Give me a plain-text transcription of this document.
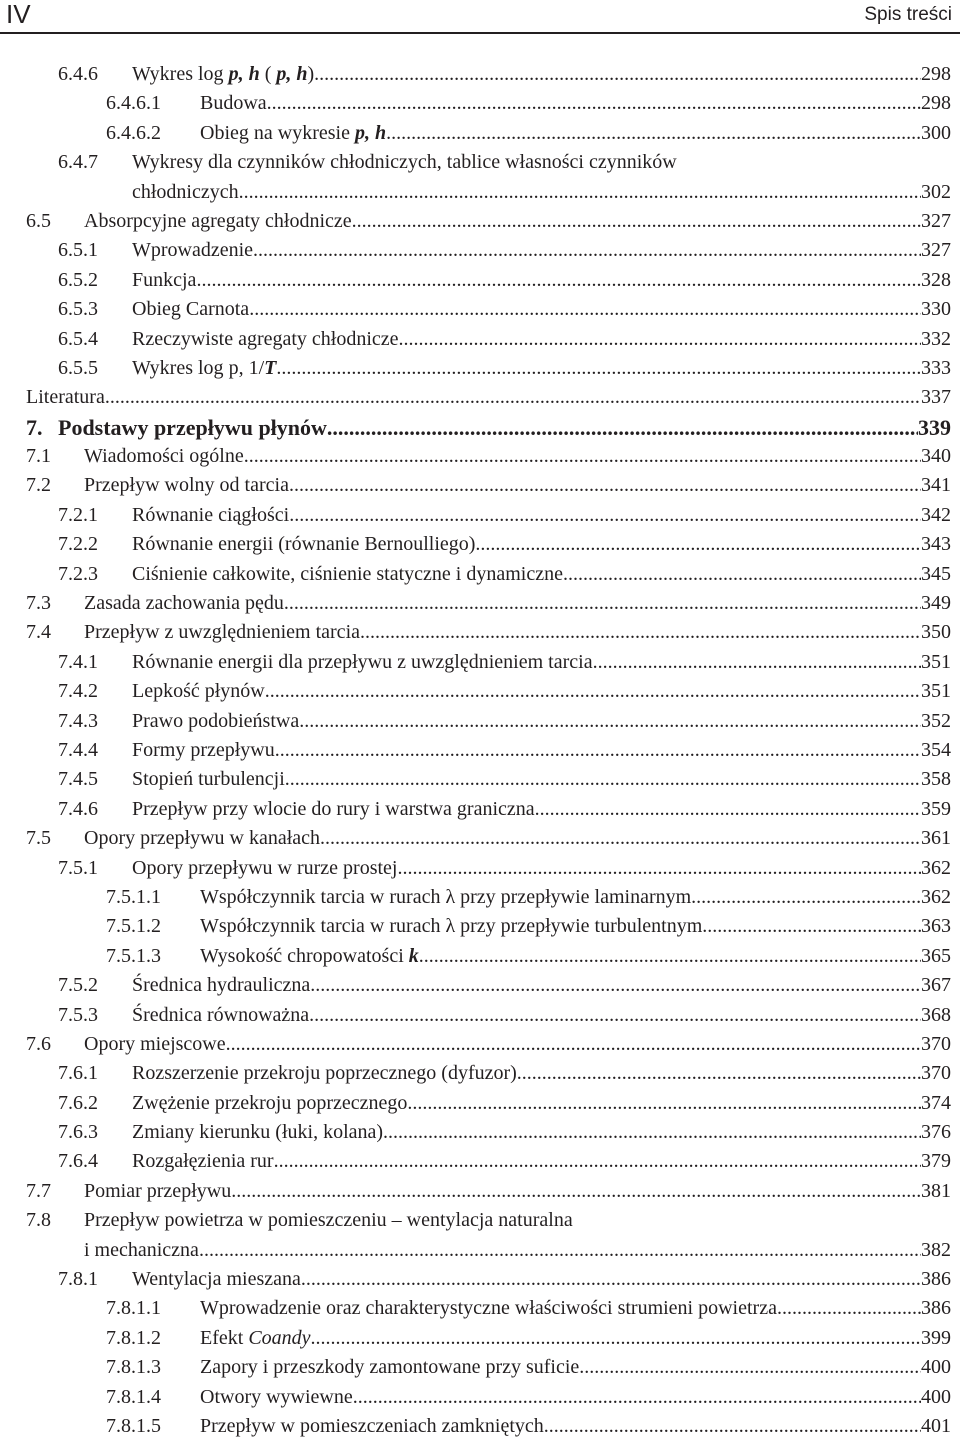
IV	Spis treści
6.4.6 Wykres log p, h ( p, h) .....	298
6.4.6.1 Budowa .....	298
6.4.6.2 Obieg na wykresie p, h .....	300
6.4.7 Wykresy dla czynników chłodniczych, tablice własności czynników
chłodniczych .....	302
6.5 Absorpcyjne agregaty chłodnicze .....	327
6.5.1 Wprowadzenie .....	327
6.5.2 Funkcja .....	328
6.5.3 Obieg Carnota .....	330
6.5.4 Rzeczywiste agregaty chłodnicze .....	332
6.5.5 Wykres log p, 1/T .....	333
Literatura .....	337
7. Podstawy przepływu płynów .....	339
7.1 Wiadomości ogólne .....	340
7.2 Przepływ wolny od tarcia .....	341
7.2.1 Równanie ciągłości .....	342
7.2.2 Równanie energii (równanie Bernoulliego) .....	343
7.2.3 Ciśnienie całkowite, ciśnienie statyczne i dynamiczne .....	345
7.3 Zasada zachowania pędu .....	349
7.4 Przepływ z uwzględnieniem tarcia .....	350
7.4.1 Równanie energii dla przepływu z uwzględnieniem tarcia .....	351
7.4.2 Lepkość płynów .....	351
7.4.3 Prawo podobieństwa .....	352
7.4.4 Formy przepływu .....	354
7.4.5 Stopień turbulencji .....	358
7.4.6 Przepływ przy wlocie do rury i warstwa graniczna .....	359
7.5 Opory przepływu w kanałach .....	361
7.5.1 Opory przepływu w rurze prostej .....	362
7.5.1.1 Współczynnik tarcia w rurach λ przy przepływie laminarnym .....	362
7.5.1.2 Współczynnik tarcia w rurach λ przy przepływie turbulentnym .....	363
7.5.1.3 Wysokość chropowatości k .....	365
7.5.2 Średnica hydrauliczna .....	367
7.5.3 Średnica równoważna .....	368
7.6 Opory miejscowe .....	370
7.6.1 Rozszerzenie przekroju poprzecznego (dyfuzor) .....	370
7.6.2 Zwężenie przekroju poprzecznego .....	374
7.6.3 Zmiany kierunku (łuki, kolana) .....	376
7.6.4 Rozgałęzienia rur .....	379
7.7 Pomiar przepływu .....	381
7.8 Przepływ powietrza w pomieszczeniu – wentylacja naturalna
i mechaniczna .....	382
7.8.1 Wentylacja mieszana .....	386
7.8.1.1 Wprowadzenie oraz charakterystyczne właściwości strumieni powietrza .....	386
7.8.1.2 Efekt Coandy .....	399
7.8.1.3 Zapory i przeszkody zamontowane przy suficie .....	400
7.8.1.4 Otwory wywiewne .....	400
7.8.1.5 Przepływ w pomieszczeniach zamkniętych .....	401
